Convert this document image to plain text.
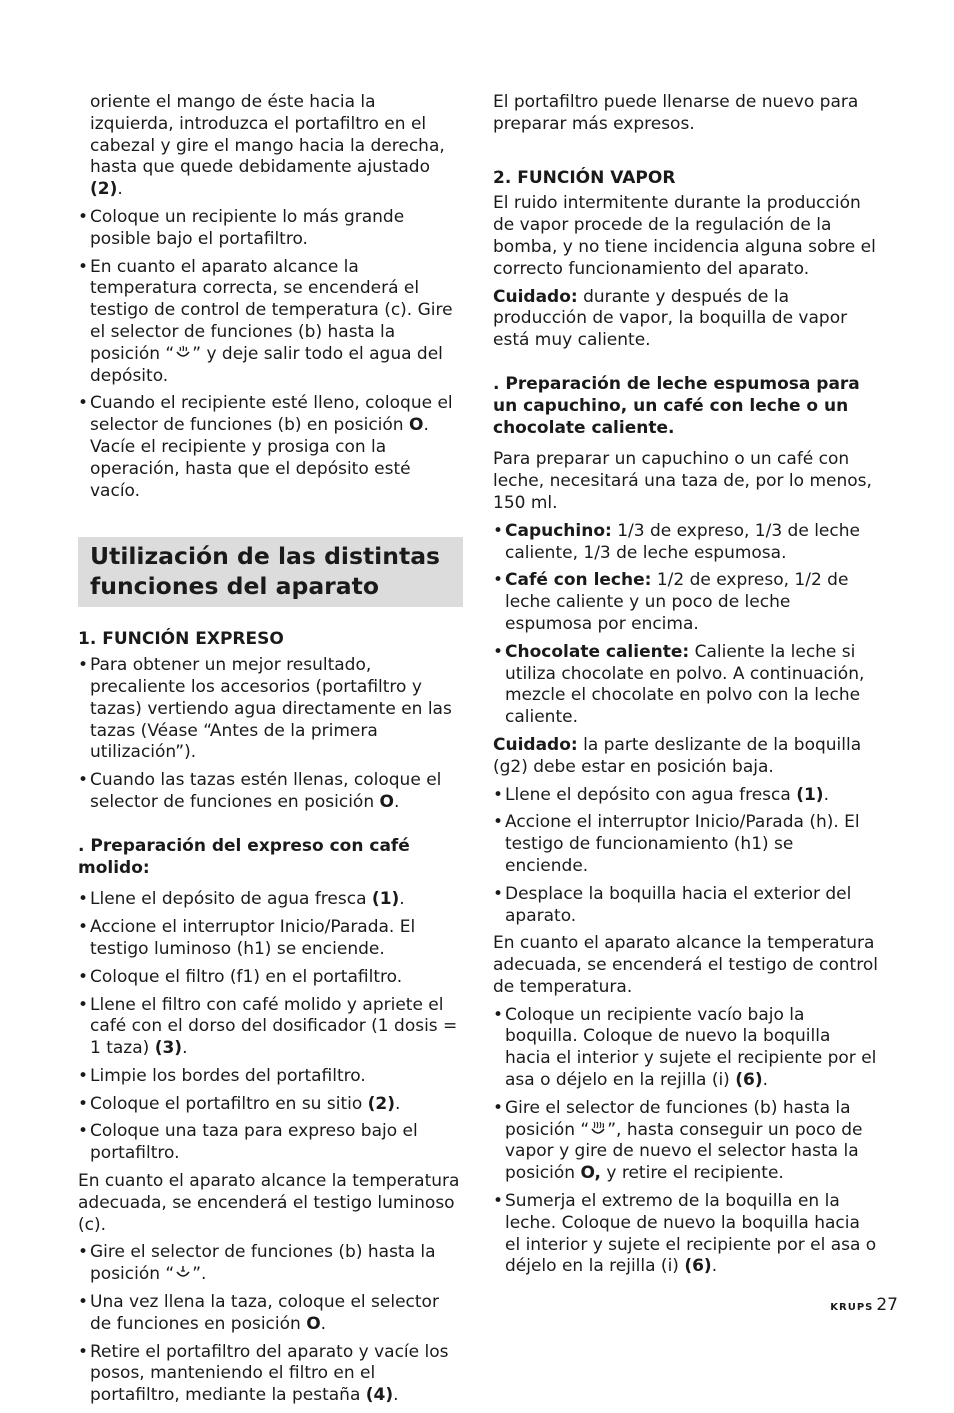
oriente el mango de éste hacia la izquierda, introduzca el portafiltro en el cabezal y gire el mango hacia la derecha, hasta que quede debidamente ajustado (2).

• Coloque un recipiente lo más grande posible bajo el portafiltro.

• En cuanto el aparato alcance la temperatura correcta, se encenderá el testigo de control de temperatura (c). Gire el selector de funciones (b) hasta la posición “ ” y deje salir todo el agua del depósito.

• Cuando el recipiente esté lleno, coloque el selector de funciones (b) en posición O. Vacíe el recipiente y prosiga con la operación, hasta que el depósito esté vacío.

Utilización de las distintas funciones del aparato
1. FUNCIÓN EXPRESO

• Para obtener un mejor resultado, precaliente los accesorios (portafiltro y tazas) vertiendo agua directamente en las tazas (Véase “Antes de la primera utilización”).

• Cuando las tazas estén llenas, coloque el selector de funciones en posición O.

. Preparación del expreso con café molido:

• Llene el depósito de agua fresca (1).

• Accione el interruptor Inicio/Parada. El testigo luminoso (h1) se enciende.

• Coloque el filtro (f1) en el portafiltro.

• Llene el filtro con café molido y apriete el café con el dorso del dosificador (1 dosis = 1 taza) (3).

• Limpie los bordes del portafiltro.

• Coloque el portafiltro en su sitio (2).

• Coloque una taza para expreso bajo el portafiltro.

En cuanto el aparato alcance la temperatura adecuada, se encenderá el testigo luminoso (c).

• Gire el selector de funciones (b) hasta la posición “ ”.

• Una vez llena la taza, coloque el selector de funciones en posición O.

• Retire el portafiltro del aparato y vacíe los posos, manteniendo el filtro en el portafiltro, mediante la pestaña (4).

El portafiltro puede llenarse de nuevo para preparar más expresos.

2. FUNCIÓN VAPOR

El ruido intermitente durante la producción de vapor procede de la regulación de la bomba, y no tiene incidencia alguna sobre el correcto funcionamiento del aparato.

Cuidado: durante y después de la producción de vapor, la boquilla de vapor está muy caliente.

. Preparación de leche espumosa para un capuchino, un café con leche o un chocolate caliente.

Para preparar un capuchino o un café con leche, necesitará una taza de, por lo menos, 150 ml.

• Capuchino: 1/3 de expreso, 1/3 de leche caliente, 1/3 de leche espumosa.

• Café con leche: 1/2 de expreso, 1/2 de leche caliente y un poco de leche espumosa por encima.

• Chocolate caliente: Caliente la leche si utiliza chocolate en polvo. A continuación, mezcle el chocolate en polvo con la leche caliente.

Cuidado: la parte deslizante de la boquilla (g2) debe estar en posición baja.

• Llene el depósito con agua fresca (1).

• Accione el interruptor Inicio/Parada (h). El testigo de funcionamiento (h1) se enciende.

• Desplace la boquilla hacia el exterior del aparato.

En cuanto el aparato alcance la temperatura adecuada, se encenderá el testigo de control de temperatura.

• Coloque un recipiente vacío bajo la boquilla. Coloque de nuevo la boquilla hacia el interior y sujete el recipiente por el asa o déjelo en la rejilla (i) (6).

• Gire el selector de funciones (b) hasta la posición “ ”, hasta conseguir un poco de vapor y gire de nuevo el selector hasta la posición O, y retire el recipiente.

• Sumerja el extremo de la boquilla en la leche. Coloque de nuevo la boquilla hacia el interior y sujete el recipiente por el asa o déjelo en la rejilla (i) (6).

KRUPS 27
